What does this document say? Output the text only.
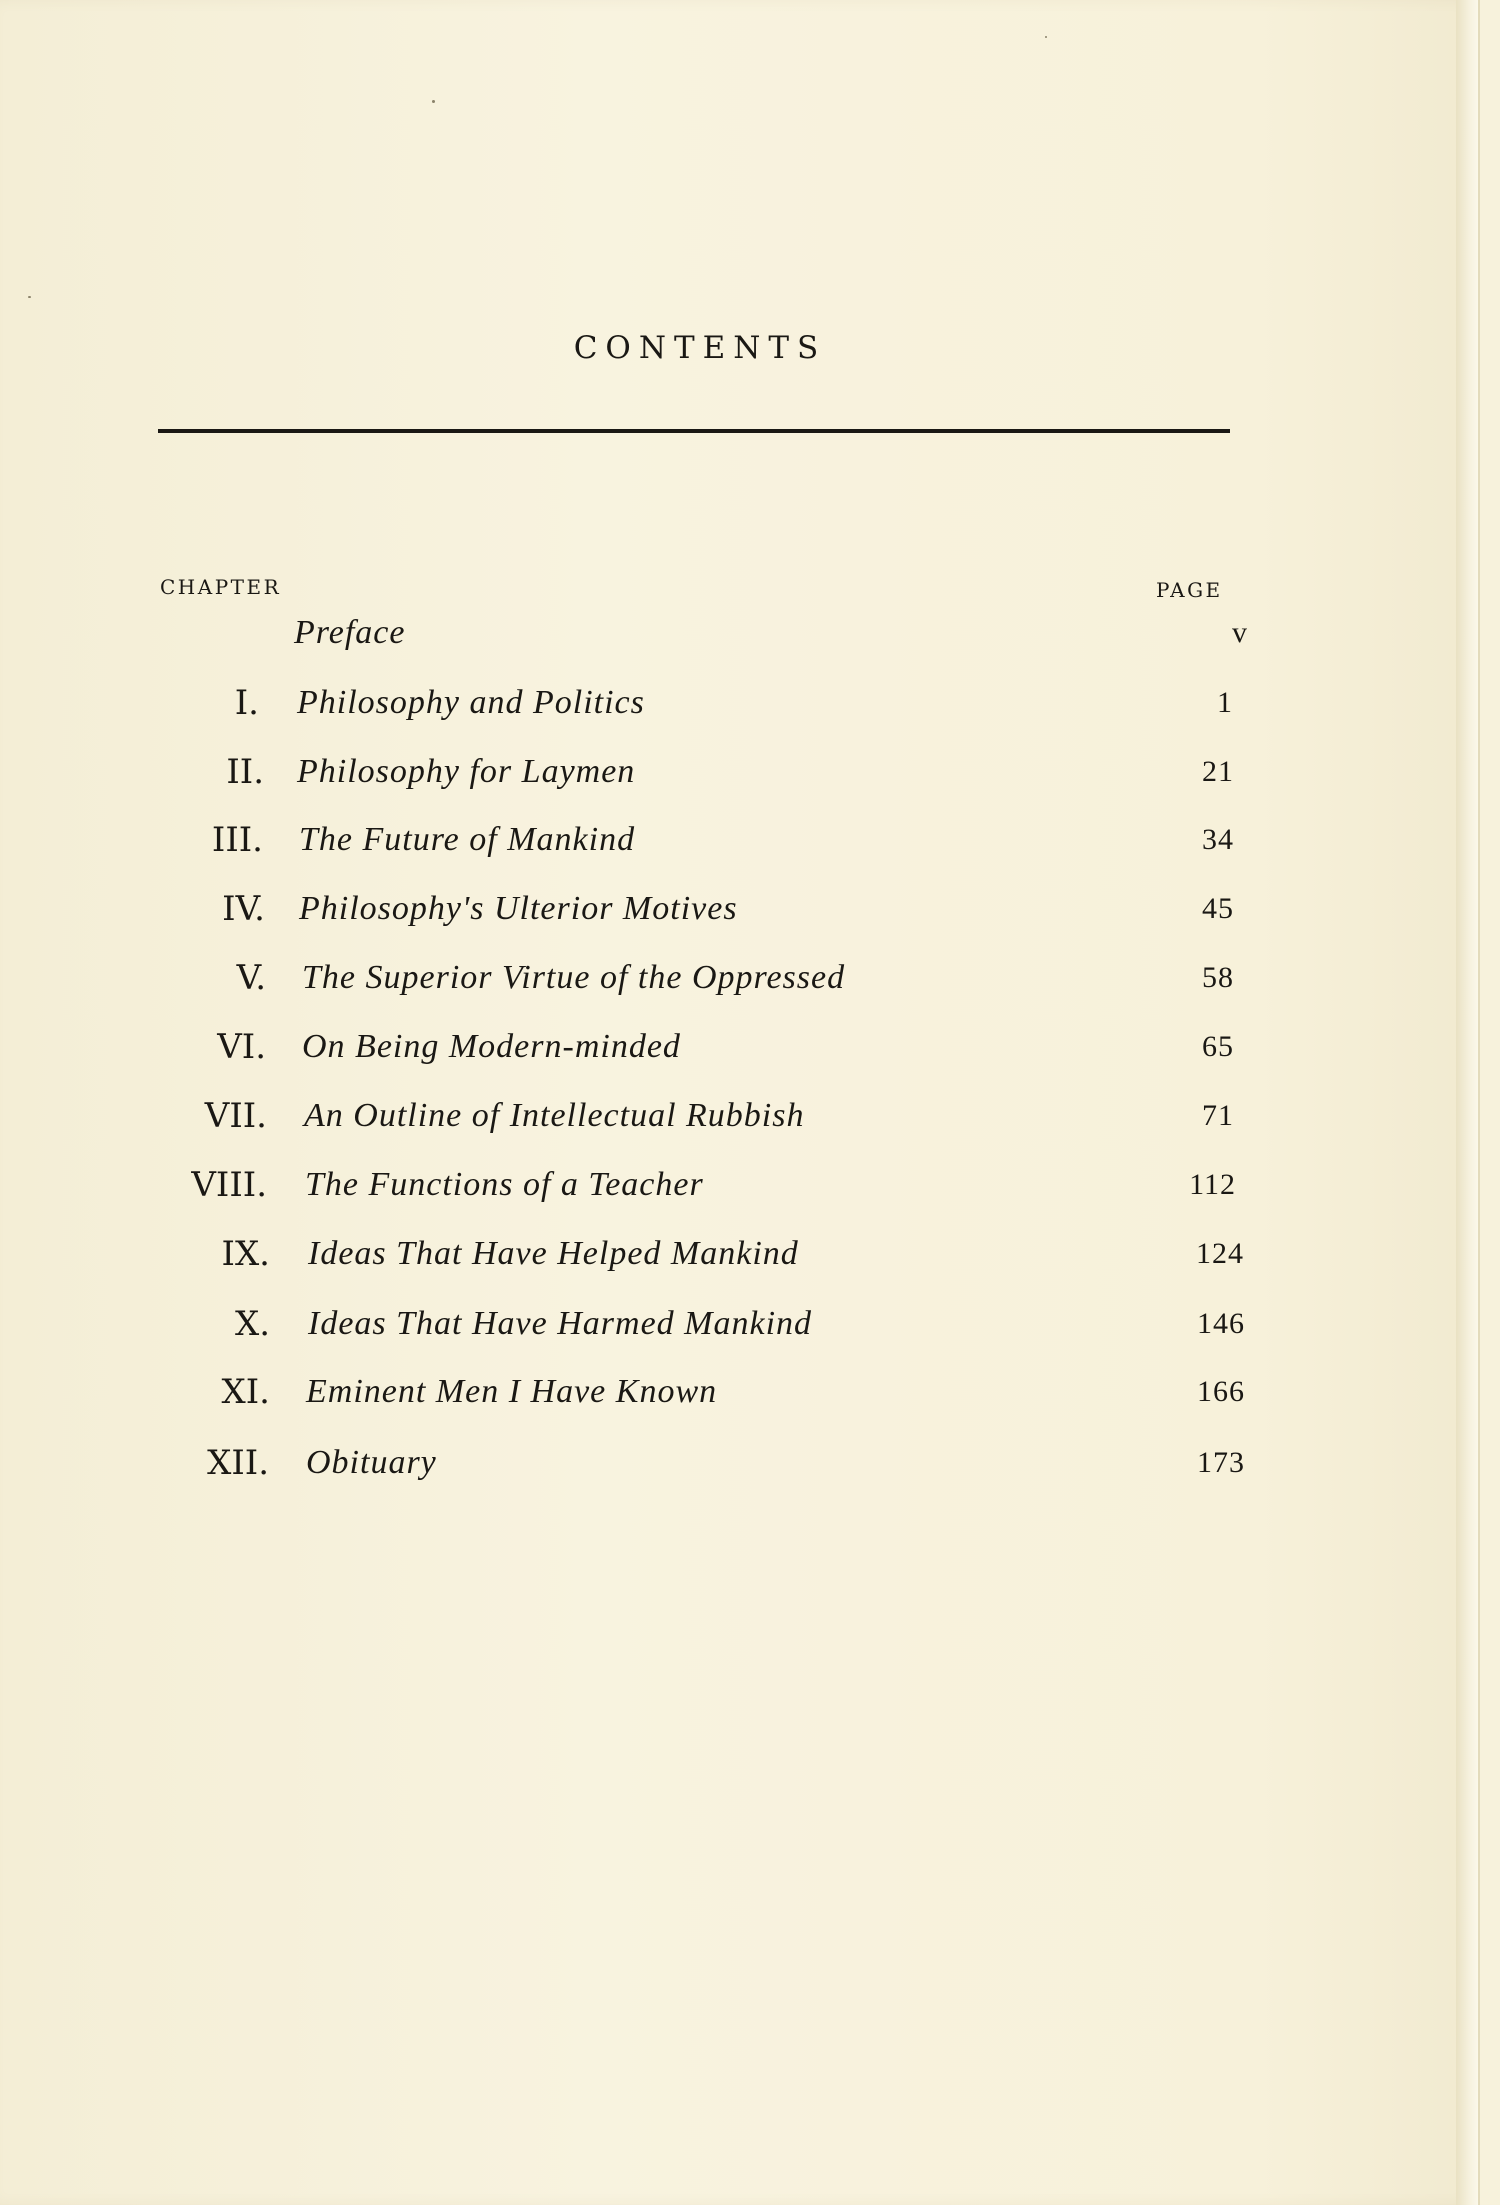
CONTENTS
CHAPTER	PAGE
Preface	v
I. Philosophy and Politics	1
II. Philosophy for Laymen	21
III. The Future of Mankind	34
IV. Philosophy's Ulterior Motives	45
V. The Superior Virtue of the Oppressed	58
VI. On Being Modern-minded	65
VII. An Outline of Intellectual Rubbish	71
VIII. The Functions of a Teacher	112
IX. Ideas That Have Helped Mankind	124
X. Ideas That Have Harmed Mankind	146
XI. Eminent Men I Have Known	166
XII. Obituary	173
